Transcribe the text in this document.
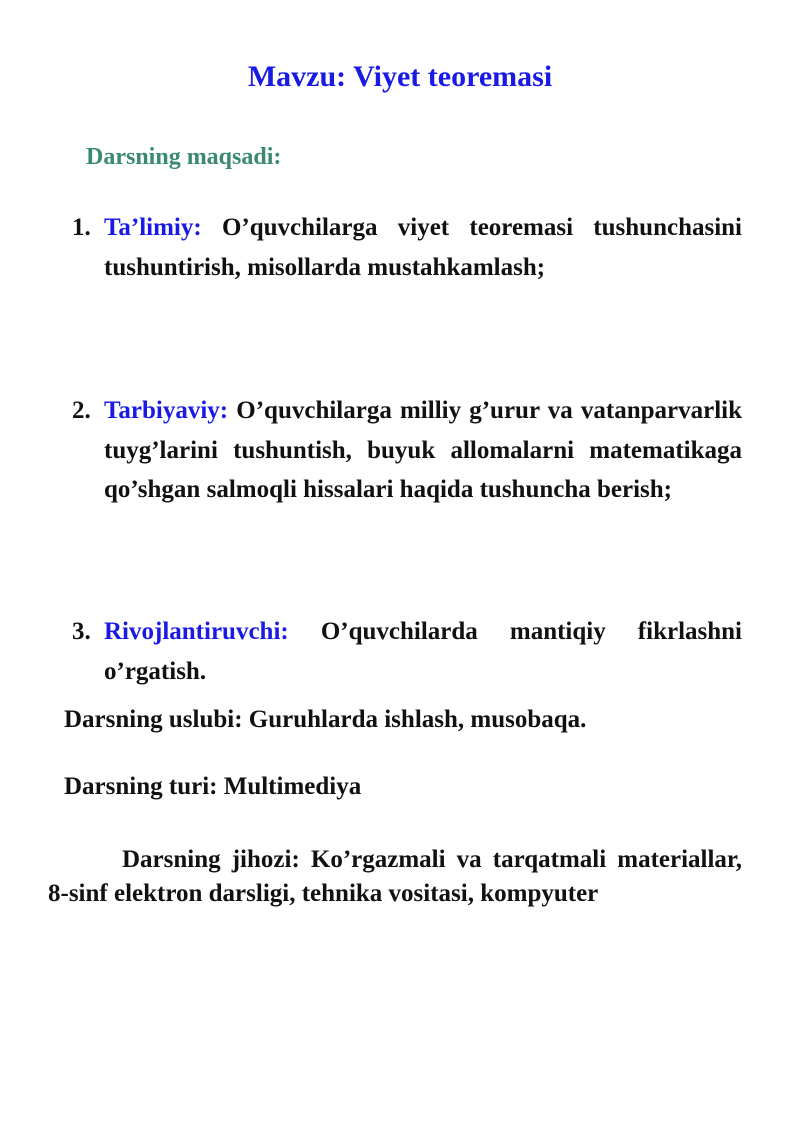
Mavzu: Viyet teoremasi
Darsning maqsadi:
1. Ta’limiy: O’quvchilarga viyet teoremasi tushunchasini tushuntirish, misollarda mustahkamlash;
2. Tarbiyaviy: O’quvchilarga milliy g’urur va vatanparvarlik tuyg’larini tushuntish, buyuk allomalarni matematikaga qo’shgan salmoqli hissalari haqida tushuncha berish;
3. Rivojlantiruvchi: O’quvchilarda mantiqiy fikrlashni o’rgatish.

Darsning uslubi: Guruhlarda ishlash, musobaqa.

Darsning turi: Multimediya

Darsning jihozi: Ko’rgazmali va tarqatmali materiallar, 8-sinf elektron darsligi, tehnika vositasi, kompyuter
